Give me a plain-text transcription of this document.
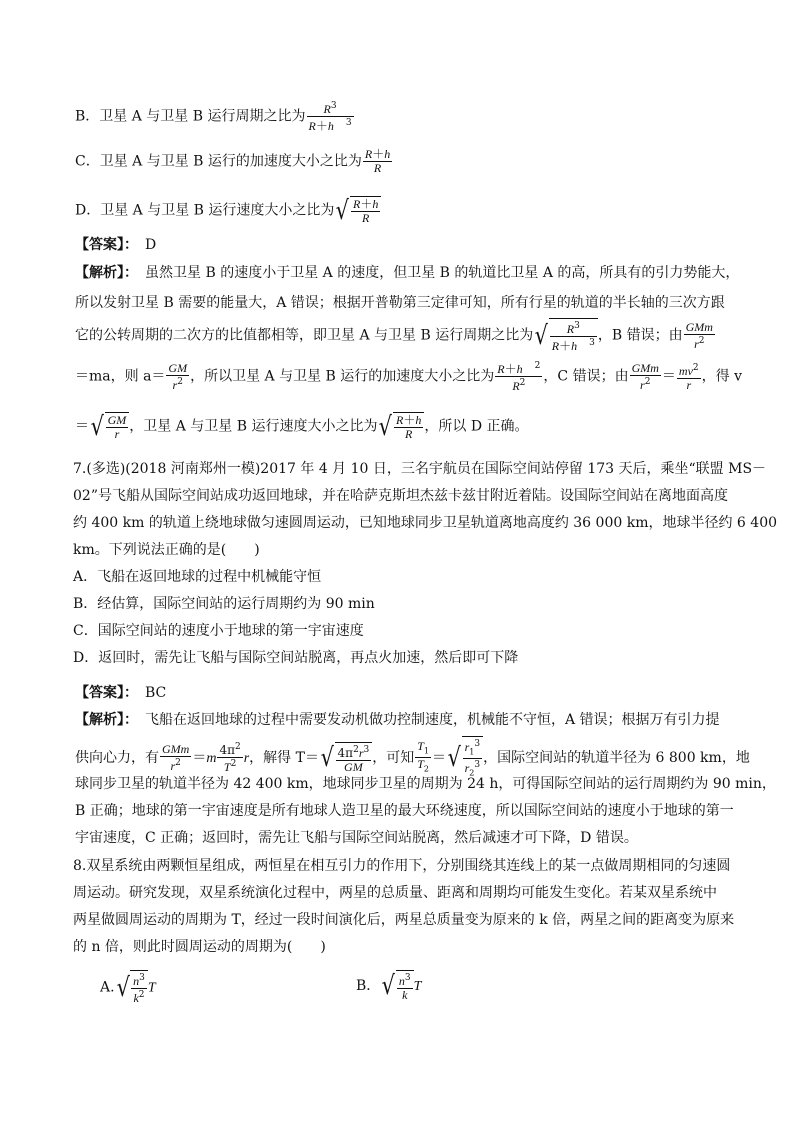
B．卫星 A 与卫星 B 运行周期之比为 $\frac{R^3}{R+h ^3}$
C．卫星 A 与卫星 B 运行的加速度大小之比为 $\frac{R+h}{R}$
D．卫星 A 与卫星 B 运行速度大小之比为√ $\frac{R+h}{R}$
【答案】：　 D
【解析】：　 虽然卫星 B 的速度小于卫星 A 的速度，但卫星 B 的轨道比卫星 A 的高，所具有的引力势能大，
所以发射卫星 B 需要的能量大，A 错误；根据开普勒第三定律可知，所有行星的轨道的半长轴的三次方跟
它的公转周期的二次方的比值都相等，即卫星 A 与卫星 B 运行周期之比为√ $\frac{R^3}{R+h ^3}$ ，B 错误；由 $\frac{\text{GMm}}{r^2}$
＝ma，则 $a= \frac{GM}{r^2}$ ，所以卫星 A 与卫星 B 运行的加速度大小之比为 $\frac{R+h ^2}{R^2}$ ，C 错误；由 $\frac{\text{GMm}}{r^2} = \frac{mv^2}{r}$ ，得 v
＝√ $\frac{GM}{r}$ ，卫星 A 与卫星 B 运行速度大小之比为√ $\frac{R+h}{R}$ ，所以 D 正确。
7.(多选)(2018 河南郑州一模)2017 年 4 月 10 日，三名宇航员在国际空间站停留 173 天后，乘坐“联盟 MS－
02”号飞船从国际空间站成功返回地球，并在哈萨克斯坦杰兹卡兹甘附近着陆。设国际空间站在离地面高度
约 400 km 的轨道上绕地球做匀速圆周运动，已知地球同步卫星轨道离地高度约 36 000 km，地球半径约 6 400
km。下列说法正确的是(　　)
A．飞船在返回地球的过程中机械能守恒
B．经估算，国际空间站的运行周期约为 90 min
C．国际空间站的速度小于地球的第一宇宙速度
D．返回时，需先让飞船与国际空间站脱离，再点火加速，然后即可下降
【答案】：　 BC
【解析】：　 飞船在返回地球的过程中需要发动机做功控制速度，机械能不守恒，A 错误；根据万有引力提
供向心力，有 $\frac{\text{GMm}}{r^2} =m \frac{4\pi^2}{T^2}$ r，解得 $T=√ \frac{4\pi^2r^3}{GM}$ ，可知 $\frac{T_1}{T_2}$ ＝√ $\frac{r_1^3}{r_2^3}$ ，国际空间站的轨道半径为 6 800 km，地
球同步卫星的轨道半径为 42 400 km，地球同步卫星的周期为 24 h，可得国际空间站的运行周期约为 90 min，
B 正确；地球的第一宇宙速度是所有地球人造卫星的最大环绕速度，所以国际空间站的速度小于地球的第一
宇宙速度，C 正确；返回时，需先让飞船与国际空间站脱离，然后减速才可下降，D 错误。
8.双星系统由两颗恒星组成，两恒星在相互引力的作用下，分别围绕其连线上的某一点做周期相同的匀速圆
周运动。研究发现，双星系统演化过程中，两星的总质量、距离和周期均可能发生变化。若某双星系统中
两星做圆周运动的周期为 T，经过一段时间演化后，两星总质量变为原来的 k 倍，两星之间的距离变为原来
的 n 倍，则此时圆周运动的周期为(　　)
$A.√ \frac{n^3}{k^2}$ T	B．√ $\frac{n^3}{k}$ T
